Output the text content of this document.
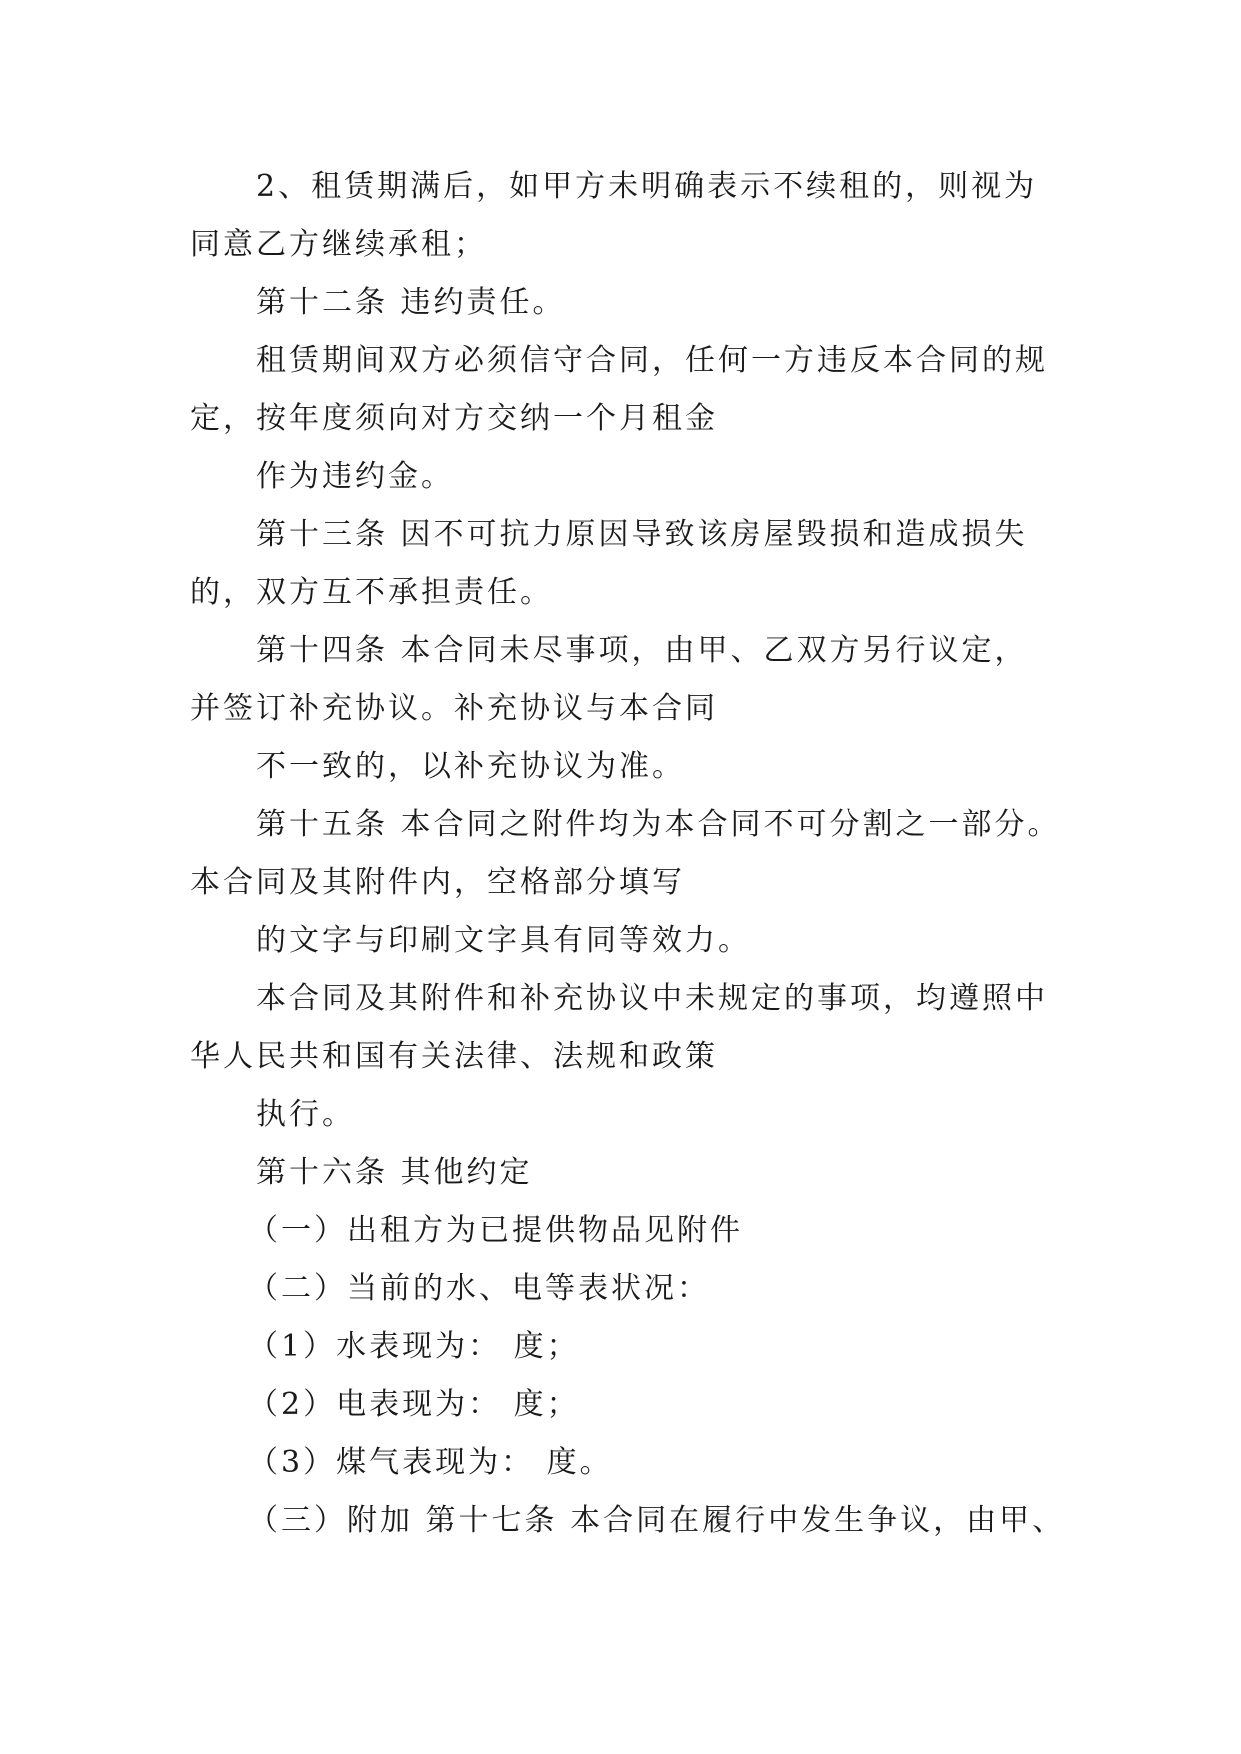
2、租赁期满后，如甲方未明确表示不续租的，则视为
同意乙方继续承租；
第十二条 违约责任。
租赁期间双方必须信守合同，任何一方违反本合同的规
定，按年度须向对方交纳一个月租金
作为违约金。
第十三条 因不可抗力原因导致该房屋毁损和造成损失
的，双方互不承担责任。
第十四条 本合同未尽事项，由甲、乙双方另行议定，
并签订补充协议。补充协议与本合同
不一致的，以补充协议为准。
第十五条 本合同之附件均为本合同不可分割之一部分。
本合同及其附件内，空格部分填写
的文字与印刷文字具有同等效力。
本合同及其附件和补充协议中未规定的事项，均遵照中
华人民共和国有关法律、法规和政策
执行。
第十六条 其他约定
（一）出租方为已提供物品见附件
（二）当前的水、电等表状况：
（1）水表现为： 度；
（2）电表现为： 度；
（3）煤气表现为： 度。
（三）附加 第十七条 本合同在履行中发生争议，由甲、
